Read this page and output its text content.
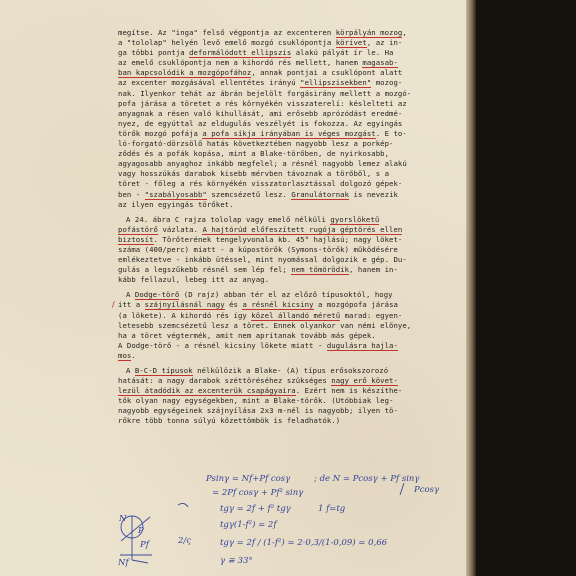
megítse. Az "inga" felső végpontja az excenteren körpályán mozog,
a "tololap" helyén levő emelő mozgó csuklópontja körívet, az in-
ga többi pontja deformálódott ellipszis alakú pályát ír le. Ha
az emelő csuklópontja nem a kihordó rés mellett, hanem magasab-
ban kapcsolódik a mozgópofához, annak pontjai a csuklópont alatt
az excenter mozgásával ellentétes irányú "ellipszisekben" mozog-
nak. Ilyenkor tehát az ábrán bejelölt forgásirány mellett a mozgó-
pofa járása a töretet a rés környékén visszaterelí: késlelteti az
anyagnak a résen való kihullását, ami erősebb aprózódást eredmé-
nyez, de egyúttal az eldugulás veszélyét is fokozza. Az egyingás
törők mozgó pofája a pofa síkja irányában is véges mozgást. E to-
ló-forgató-dörzsölő hatás következtében nagyobb lesz a porkép-
ződés és a pofák kopása, mint a Blake-törőben, de nyirkosabb,
agyagosabb anyaghoz inkább megfelel; a résnél nagyobb lemez alakú
vagy hosszúkás darabok kisebb mérvben távoznak a törőből, s a
töret - főleg a rés környékén visszatorlasztással dolgozó gépek-
ben - "szabályosabb" szemcsézetű lesz. Granulátornak is nevezik
az ilyen egyingás törőket.
A 24. ábra C rajza tololap vagy emelő nélküli gyorslöketű
pofástörő vázlata. A hajtórúd előfeszített rugója géptörés ellen
biztosít. Törőterének tengelyvonala kb. 45° hajlású; nagy löket-
száma (400/perc) miatt - a kúpostörők (Symons-törők) működésére
emlékeztetve - inkább ütéssel, mint nyomással dolgozik e gép. Du-
gulás a legszűkebb résnél sem lép fel; nem tömörödik, hanem in-
kább fellazul, lebeg itt az anyag.
A Dodge-törő (D rajz) abban tér el az előző típusoktól, hogy
itt a szájnyílásnál nagy és a résnél kicsiny a mozgópofa járása
(a lökete). A kihordó rés így közel állandó méretű marad: egyen-
letesebb szemcsézetű lesz a töret. Ennek olyankor van némi előnye,
ha a töret végtermék, amit nem aprítanak tovább más gépek.
A Dodge-törő - a résnél kicsiny lökete miatt - dugulásra hajla-
mos.
A B-C-D típusok nélkülözik a Blake- (A) típus erősokszorozó
hatását: a nagy darabok széttöréséhez szükséges nagy erő követ-
lezül átadódik az excenterük csapágyaira. Ezért nem is készíthe-
tők olyan nagy egységekben, mint a Blake-törők. (Utóbbiak leg-
nagyobb egységeinek szájnyílása 2x3 m-nél is nagyobb; ilyen tö-
rőkre több tonna súlyú kőzettömbök is feladhatók.)
N
P
Nf
Pf
Psinγ = Nf+Pf cosγ	; de N = Pcosγ + Pf sinγ
Pcosγ
= 2Pf cosγ + Pf² sinγ
tgγ = 2f + f² tgγ	1 f=tg
tgγ(1-f²) = 2f
tgγ = 2f / (1-f²) = 2·0,3/(1-0,09) = 0,66
γ ≅ 33°
2/ς
/
